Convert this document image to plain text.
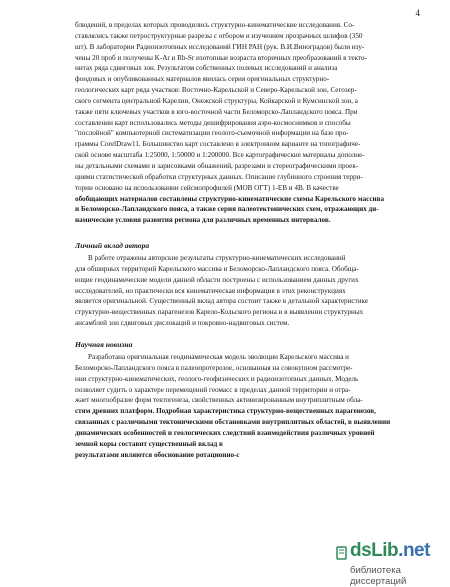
4

блюдений, в пределах которых проводились структурно-кинематические исследования. Со-

ставлялись также петроструктурные разрезы с отбором и изучением прозрачных шлифов (350

шт). В лаборатории Радиоизотопных исследований ГИН РАН (рук. В.И.Виноградов) были изу-

чены 20 проб и получены K-Ar и Rb-Sr изотопные возраста вторичных преобразований в текто-

нитах ряда сдвиговых зон. Результатом собственных полевых исследований и анализа

фондовых и опубликованных материалов явилась серия оригинальных структурно-

геологических карт ряда участков: Восточно-Карельской и Северо-Карельской зон, Сегозер-

ского сегмента центральной Карелии, Онежской структуры, Койкарской и Кумсинской зон, а

также пяти ключевых участков в юго-восточной части Беломорско-Лапландского пояса. При

составлении карт использовались методы дешифрирования аэро-космоснимков и способы

"послойной" компьютерной систематизации геолого-съемочной информации на базе про-

граммы CorelDraw11. Большинство карт составлено в электронном варианте на топографиче-

ской основе масштаба 1:25000, 1:50000 и 1:200000. Все картографические материалы дополне-

ны детальными схемами и зарисовками обнажений, разрезами и стереографическими проек-

циями статистической обработки структурных данных. Описание глубинного строения терри-

тории основано на использовании сейсмопрофилей (МОВ ОГТ) 1-ЕВ и 4В. В качестве

обобщающих материалов составлены структурно-кинематические схемы Карельского массива

и Беломорско-Лапландского пояса, а также серия палеотектонических схем, отражающих ди-

намические условия развития региона для различных временных интервалов.

Личный вклад автора

В работе отражены авторские результаты структурно-кинематических исследований

для обширных территорий Карельского массива и Беломорско-Лапландского пояса. Обобща-

ющие геодинамические модели данной области построены с использованием данных других

исследователей, но практически вся кинематическая информация в этих реконструкциях

является оригинальной. Существенный вклад автора состоит также в детальной характеристике

структурно-вещественных парагенезов Карело-Кольского региона и в выявлении структурных

ансамблей зон сдвиговых дислокаций и покровно-надвиговых систем.

Научная новизна

Разработана оригинальная геодинамическая модель эволюции Карельского массива и

Беломорско-Лапландского пояса в палеопротерозое, основанная на совокупном рассмотре-

нии структурно-кинематических, геолого-геофизических и радиоизотопных данных. Модель

позволяет судить о характере перемещений геомасс в пределах данной территории и отра-

жает многообразие форм тектогенеза, свойственных активизированным внутриплитным обла-

стям древних платформ. Подробная характеристика структурно-вещественных парагенезов,

связанных с различными тектоническими обстановками внутриплитных областей, в выявлении

динамических особенностей и геологических следствий взаимодействия различных уровней

земной коры составит существенный вклад в

результатами являются обоснование ротационно-с

dsLib.net
библиотека диссертаций
